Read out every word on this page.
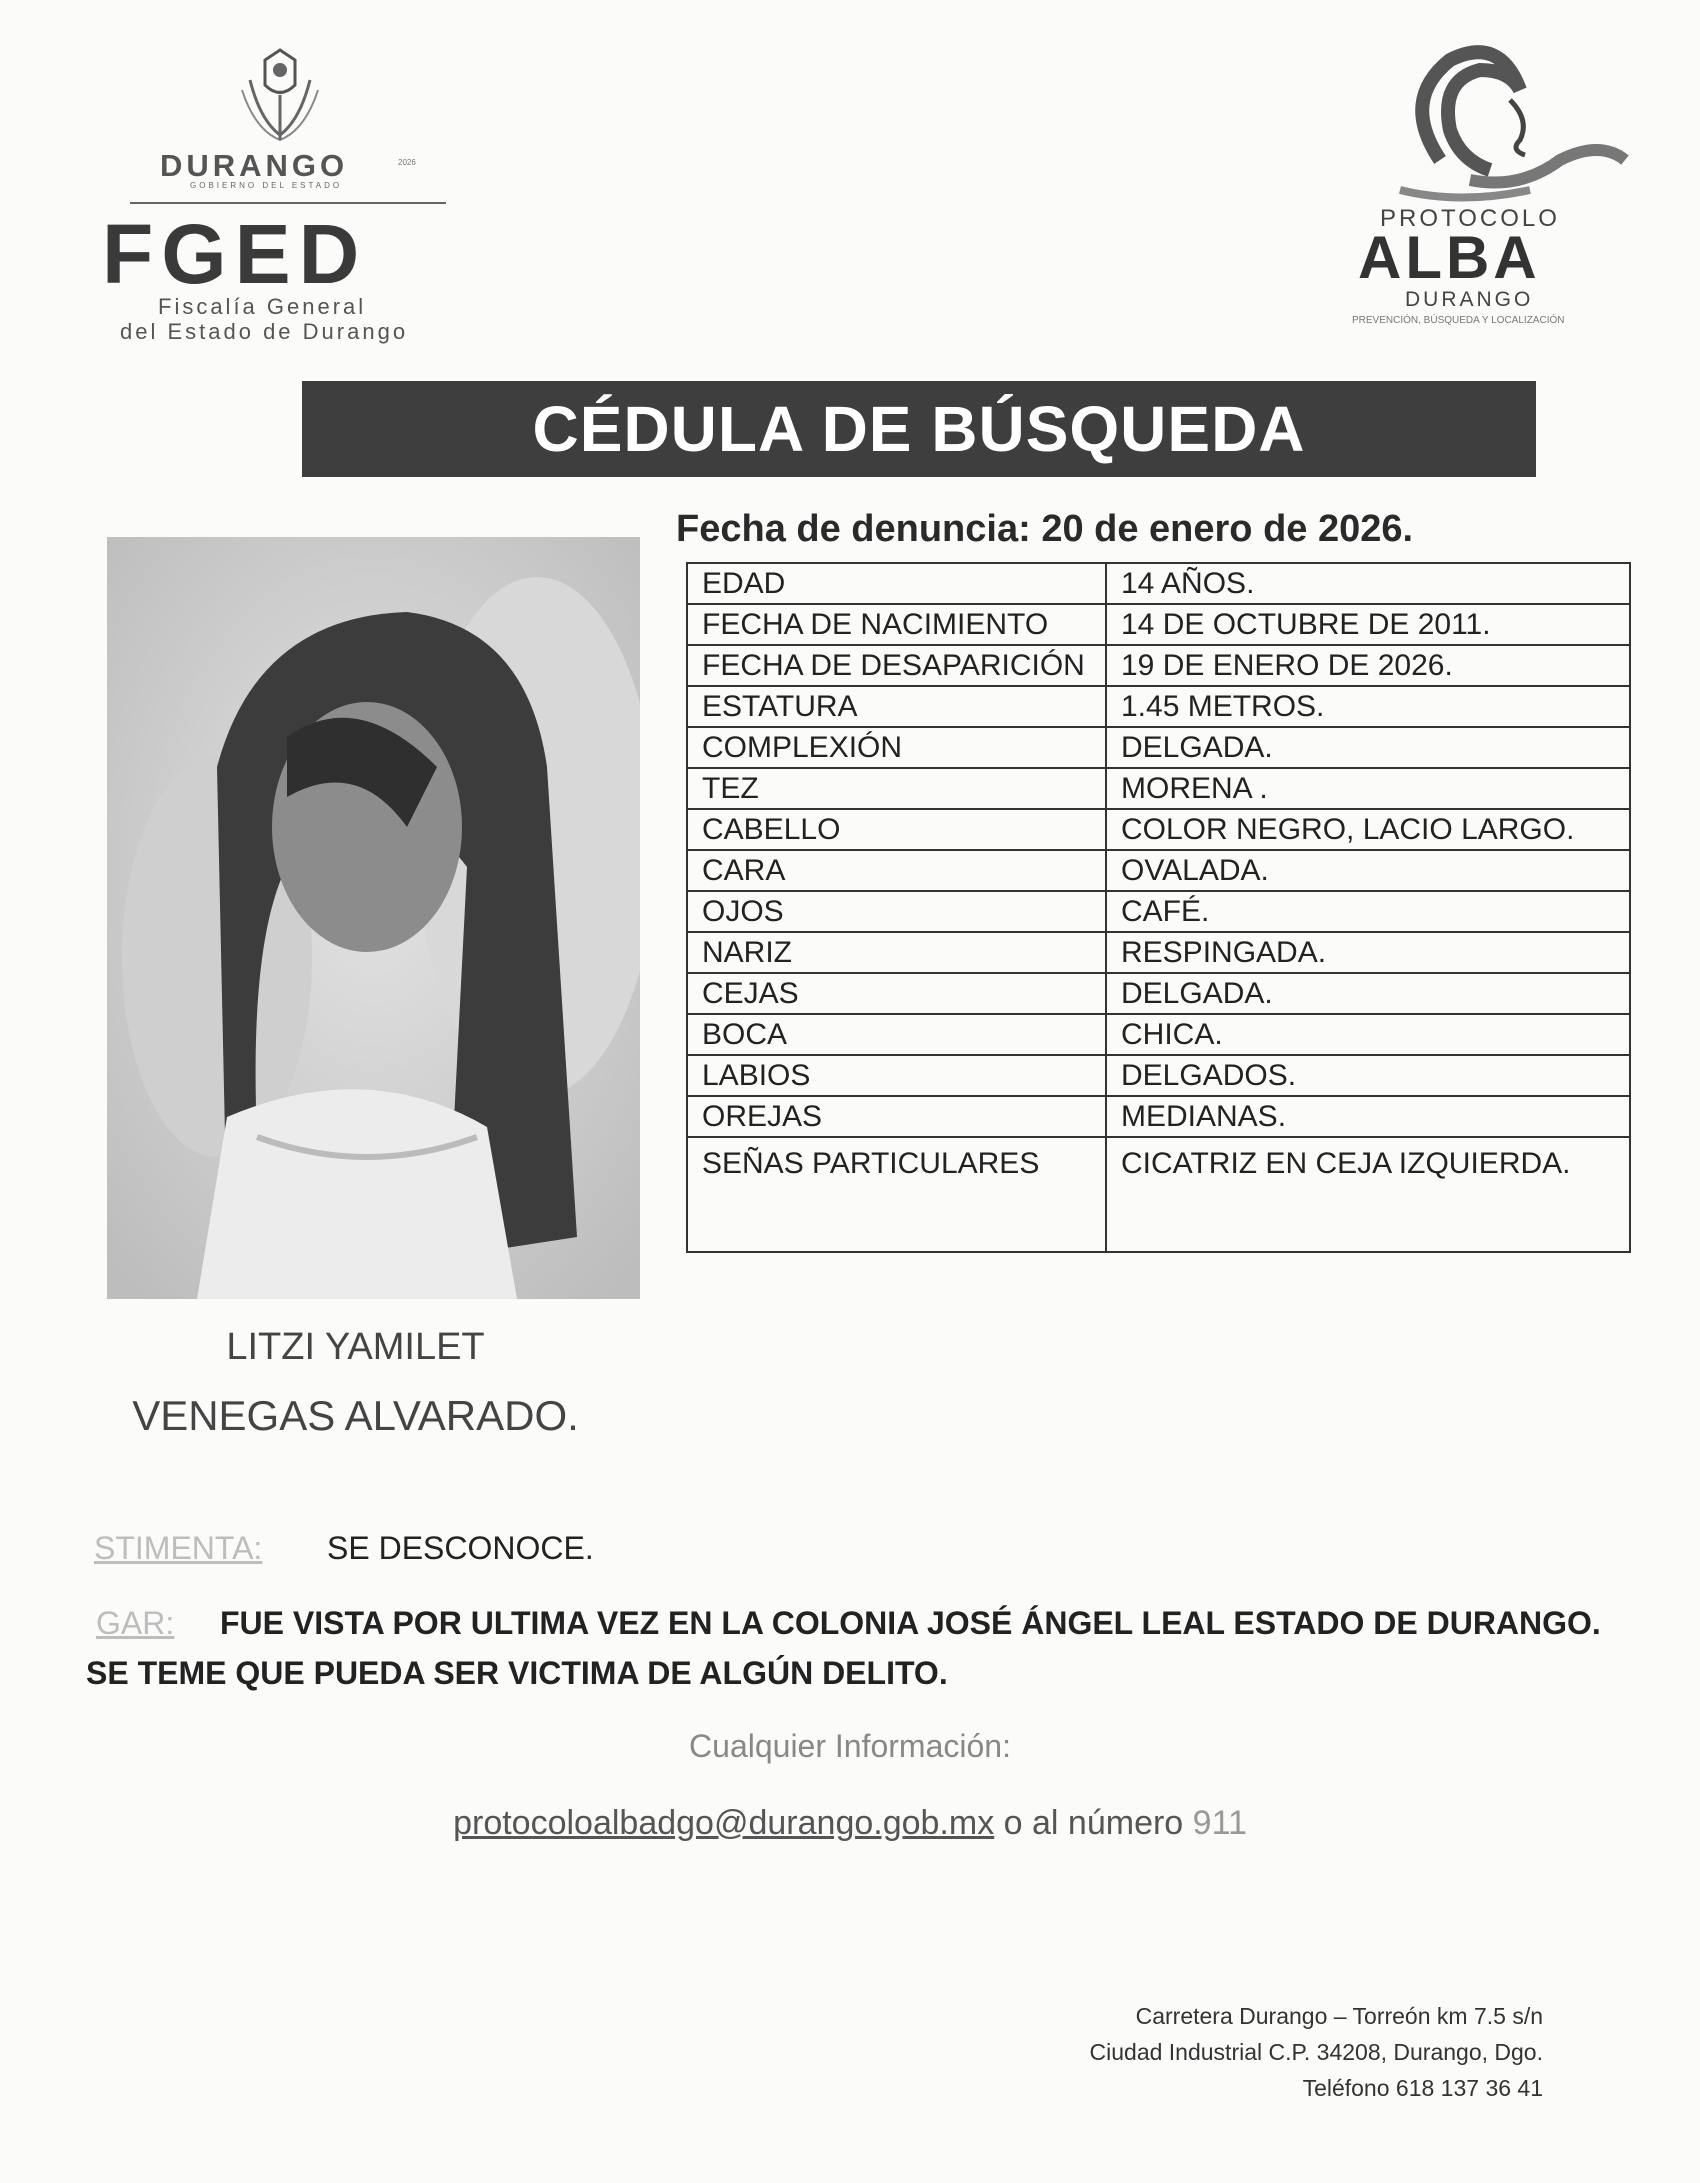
DURANGO	2026
GOBIERNO DEL ESTADO
FGED
Fiscalía General
del Estado de Durango
PROTOCOLO
ALBA
DURANGO
PREVENCIÓN, BÚSQUEDA Y LOCALIZACIÓN
CÉDULA DE BÚSQUEDA
Fecha de denuncia: 20 de enero de 2026.
EDAD	14 AÑOS.
FECHA DE NACIMIENTO	14 DE OCTUBRE DE 2011.
FECHA DE DESAPARICIÓN	19 DE ENERO DE 2026.
ESTATURA	1.45 METROS.
COMPLEXIÓN	DELGADA.
TEZ	MORENA .
CABELLO	COLOR NEGRO, LACIO LARGO.
CARA	OVALADA.
OJOS	CAFÉ.
NARIZ	RESPINGADA.
CEJAS	DELGADA.
BOCA	CHICA.
LABIOS	DELGADOS.
OREJAS	MEDIANAS.
SEÑAS PARTICULARES	CICATRIZ EN CEJA IZQUIERDA.
LITZI YAMILET
VENEGAS ALVARADO.
STIMENTA: SE DESCONOCE.
GAR: FUE VISTA POR ULTIMA VEZ EN LA COLONIA JOSÉ ÁNGEL LEAL ESTADO DE DURANGO.
SE TEME QUE PUEDA SER VICTIMA DE ALGÚN DELITO.
Cualquier Información:
protocoloalbadgo@durango.gob.mx o al número 911
Carretera Durango – Torreón km 7.5 s/n
Ciudad Industrial C.P. 34208, Durango, Dgo.
Teléfono 618 137 36 41
